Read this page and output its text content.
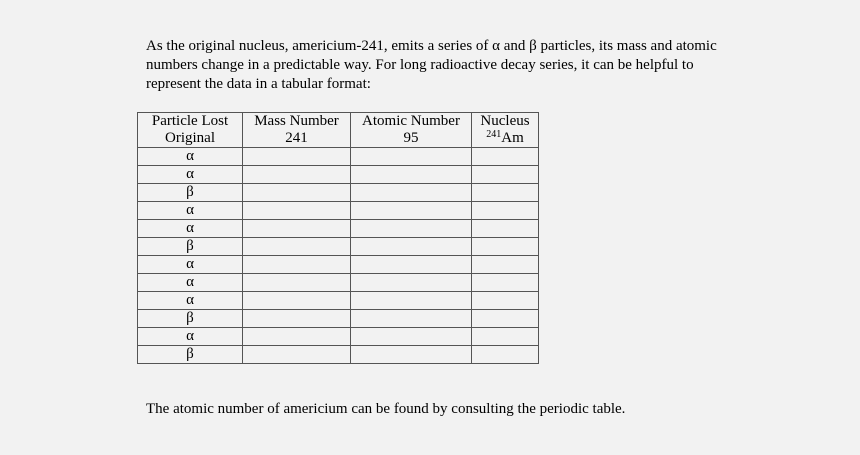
As the original nucleus, americium-241, emits a series of α and β particles, its mass and atomic numbers change in a predictable way. For long radioactive decay series, it can be helpful to represent the data in a tabular format:

Particle Lost	Mass Number	Atomic Number	Nucleus
Original	241	95	$^{241}$Am
α			
α			
β			
α			
α			
β			
α			
α			
α			
β			
α			
β			

The atomic number of americium can be found by consulting the periodic table.
